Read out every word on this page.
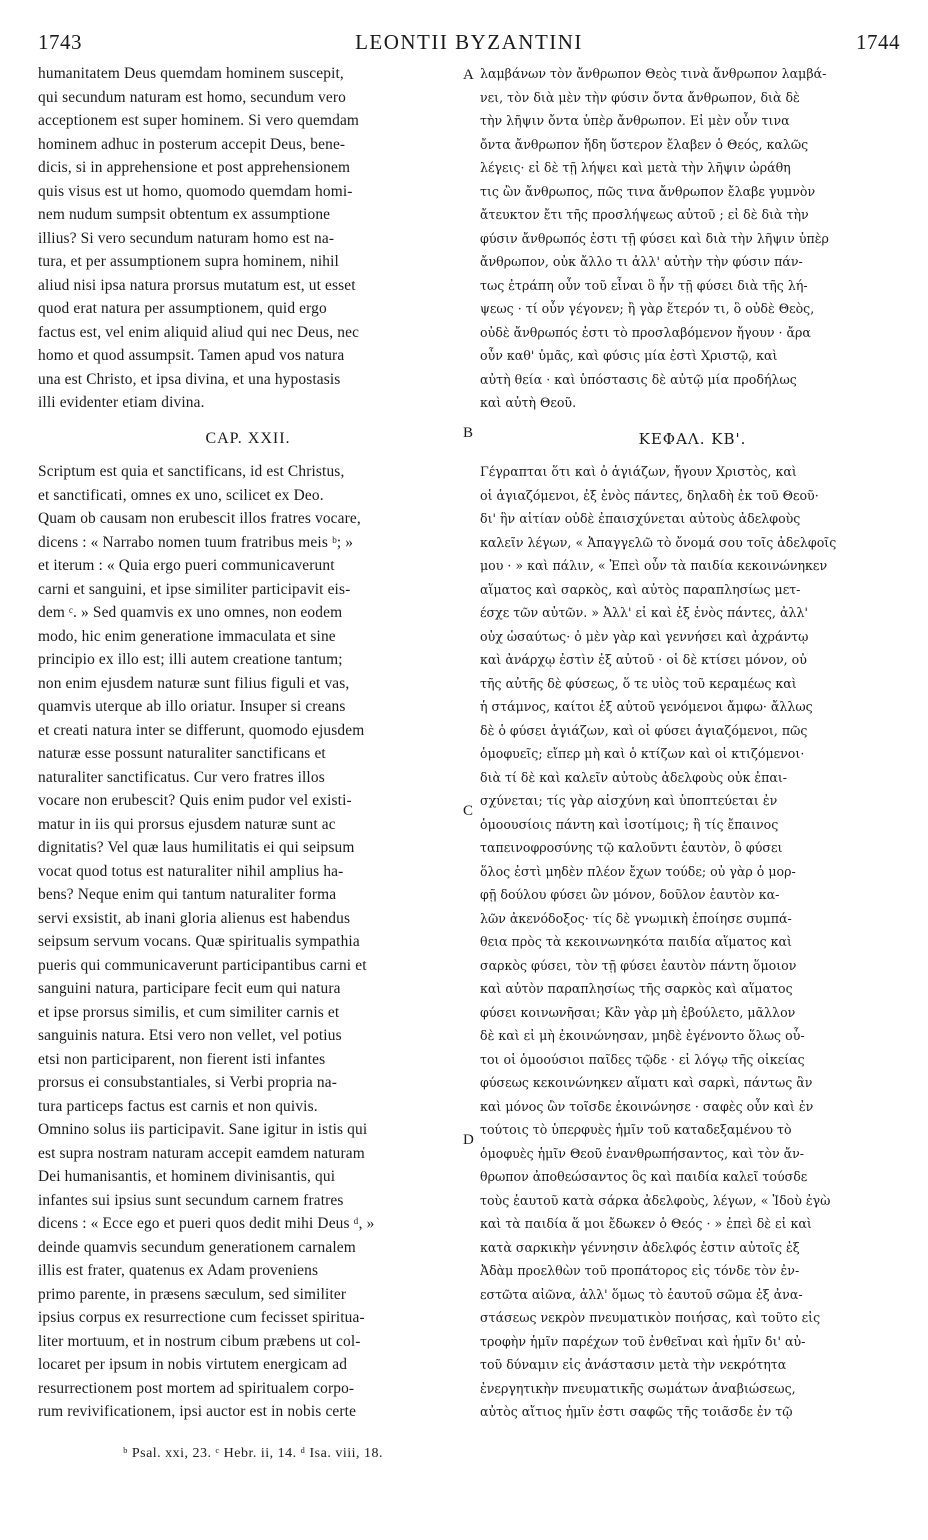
1743	LEONTII BYZANTINI	1744
A
B
C
D
humanitatem Deus quemdam hominem suscepit,
qui secundum naturam est homo, secundum vero
acceptionem est super hominem. Si vero quemdam
hominem adhuc in posterum accepit Deus, bene-
dicis, si in apprehensione et post apprehensionem
quis visus est ut homo, quomodo quemdam homi-
nem nudum sumpsit obtentum ex assumptione
illius? Si vero secundum naturam homo est na-
tura, et per assumptionem supra hominem, nihil
aliud nisi ipsa natura prorsus mutatum est, ut esset
quod erat natura per assumptionem, quid ergo
factus est, vel enim aliquid aliud qui nec Deus, nec
homo et quod assumpsit. Tamen apud vos natura
una est Christo, et ipsa divina, et una hypostasis
illi evidenter etiam divina.
λαμβάνων τὸν ἄνθρωπον Θεὸς τινὰ ἄνθρωπον λαμβά-
νει, τὸν διὰ μὲν τὴν φύσιν ὄντα ἄνθρωπον, διὰ δὲ
τὴν λῆψιν ὄντα ὑπὲρ ἄνθρωπον. Εἰ μὲν οὖν τινα
ὄντα ἄνθρωπον ἤδη ὕστερον ἔλαβεν ὁ Θεός, καλῶς
λέγεις· εἰ δὲ τῇ λήψει καὶ μετὰ τὴν λῆψιν ὠράθη
τις ὢν ἄνθρωπος, πῶς τινα ἄνθρωπον ἔλαβε γυμνὸν
ἄτευκτον ἔτι τῆς προσλήψεως αὐτοῦ ; εἰ δὲ διὰ τὴν
φύσιν ἄνθρωπός ἐστι τῇ φύσει καὶ διὰ τὴν λῆψιν ὑπὲρ
ἄνθρωπον, οὐκ ἄλλο τι ἀλλ' αὐτὴν τὴν φύσιν πάν-
τως ἐτράπη οὖν τοῦ εἶναι ὃ ἦν τῇ φύσει διὰ τῆς λή-
ψεως · τί οὖν γέγονεν; ἢ γὰρ ἕτερόν τι, ὃ οὐδὲ Θεὸς,
οὐδὲ ἄνθρωπός ἐστι τὸ προσλαβόμενον ἤγουν · ἄρα
οὖν καθ' ὑμᾶς, καὶ φύσις μία ἐστὶ Χριστῷ, καὶ
αὐτὴ θεία · καὶ ὑπόστασις δὲ αὐτῷ μία προδήλως
καὶ αὐτὴ Θεοῦ.
CAP. XXII.	ΚΕΦΑΛ. ΚΒ'.
Scriptum est quia et sanctificans, id est Christus,
et sanctificati, omnes ex uno, scilicet ex Deo.
Quam ob causam non erubescit illos fratres vocare,
dicens : « Narrabo nomen tuum fratribus meis ᵇ; »
et iterum : « Quia ergo pueri communicaverunt
carni et sanguini, et ipse similiter participavit eis-
dem ᶜ. » Sed quamvis ex uno omnes, non eodem
modo, hic enim generatione immaculata et sine
principio ex illo est; illi autem creatione tantum;
non enim ejusdem naturæ sunt filius figuli et vas,
quamvis uterque ab illo oriatur. Insuper si creans
et creati natura inter se differunt, quomodo ejusdem
naturæ esse possunt naturaliter sanctificans et
naturaliter sanctificatus. Cur vero fratres illos
vocare non erubescit? Quis enim pudor vel existi-
matur in iis qui prorsus ejusdem naturæ sunt ac
dignitatis? Vel quæ laus humilitatis ei qui seipsum
vocat quod totus est naturaliter nihil amplius ha-
bens? Neque enim qui tantum naturaliter forma
servi exsistit, ab inani gloria alienus est habendus
seipsum servum vocans. Quæ spiritualis sympathia
pueris qui communicaverunt participantibus carni et
sanguini natura, participare fecit eum qui natura
et ipse prorsus similis, et cum similiter carnis et
sanguinis natura. Etsi vero non vellet, vel potius
etsi non participarent, non fierent isti infantes
prorsus ei consubstantiales, si Verbi propria na-
tura particeps factus est carnis et non quivis.
Omnino solus iis participavit. Sane igitur in istis qui
est supra nostram naturam accepit eamdem naturam
Dei humanisantis, et hominem divinisantis, qui
infantes sui ipsius sunt secundum carnem fratres
dicens : « Ecce ego et pueri quos dedit mihi Deus ᵈ, »
deinde quamvis secundum generationem carnalem
illis est frater, quatenus ex Adam proveniens
primo parente, in præsens sæculum, sed similiter
ipsius corpus ex resurrectione cum fecisset spiritua-
liter mortuum, et in nostrum cibum præbens ut col-
locaret per ipsum in nobis virtutem energicam ad
resurrectionem post mortem ad spiritualem corpo-
rum revivificationem, ipsi auctor est in nobis certe
Γέγραπται ὅτι καὶ ὁ ἁγιάζων, ἤγουν Χριστὸς, καὶ
οἱ ἁγιαζόμενοι, ἐξ ἑνὸς πάντες, δηλαδὴ ἐκ τοῦ Θεοῦ·
δι' ἣν αἰτίαν οὐδὲ ἐπαισχύνεται αὐτοὺς ἀδελφοὺς
καλεῖν λέγων, « Ἀπαγγελῶ τὸ ὄνομά σου τοῖς ἀδελφοῖς
μου · » καὶ πάλιν, « Ἐπεὶ οὖν τὰ παιδία κεκοινώνηκεν
αἵματος καὶ σαρκὸς, καὶ αὐτὸς παραπλησίως μετ-
έσχε τῶν αὐτῶν. » Ἀλλ' εἰ καὶ ἐξ ἑνὸς πάντες, ἀλλ'
οὐχ ὡσαύτως· ὁ μὲν γὰρ καὶ γεννήσει καὶ ἀχράντῳ
καὶ ἀνάρχῳ ἐστὶν ἐξ αὐτοῦ · οἱ δὲ κτίσει μόνον, οὐ
τῆς αὐτῆς δὲ φύσεως, ὅ τε υἱὸς τοῦ κεραμέως καὶ
ἡ στάμνος, καίτοι ἐξ αὐτοῦ γενόμενοι ἄμφω· ἄλλως
δὲ ὁ φύσει ἁγιάζων, καὶ οἱ φύσει ἁγιαζόμενοι, πῶς
ὁμοφυεῖς; εἴπερ μὴ καὶ ὁ κτίζων καὶ οἱ κτιζόμενοι·
διὰ τί δὲ καὶ καλεῖν αὐτοὺς ἀδελφοὺς οὐκ ἐπαι-
σχύνεται; τίς γὰρ αἰσχύνη καὶ ὑποπτεύεται ἐν
ὁμοουσίοις πάντη καὶ ἰσοτίμοις; ἢ τίς ἔπαινος
ταπεινοφροσύνης τῷ καλοῦντι ἑαυτὸν, ὃ φύσει
ὅλος ἐστὶ μηδὲν πλέον ἔχων τούδε; οὐ γὰρ ὁ μορ-
φῇ δούλου φύσει ὢν μόνον, δοῦλον ἑαυτὸν κα-
λῶν ἀκενόδοξος· τίς δὲ γνωμικὴ ἐποίησε συμπά-
θεια πρὸς τὰ κεκοινωνηκότα παιδία αἵματος καὶ
σαρκὸς φύσει, τὸν τῇ φύσει ἑαυτὸν πάντη ὅμοιον
καὶ αὐτὸν παραπλησίως τῆς σαρκὸς καὶ αἵματος
φύσει κοινωνῆσαι; Κἂν γὰρ μὴ ἐβούλετο, μᾶλλον
δὲ καὶ εἰ μὴ ἐκοινώνησαν, μηδὲ ἐγένοντο ὅλως οὗ-
τοι οἱ ὁμοούσιοι παῖδες τῷδε · εἰ λόγῳ τῆς οἰκείας
φύσεως κεκοινώνηκεν αἵματι καὶ σαρκὶ, πάντως ἂν
καὶ μόνος ὢν τοῖσδε ἐκοινώνησε · σαφὲς οὖν καὶ ἐν
τούτοις τὸ ὑπερφυὲς ἡμῖν τοῦ καταδεξαμένου τὸ
ὁμοφυὲς ἡμῖν Θεοῦ ἐνανθρωπήσαντος, καὶ τὸν ἄν-
θρωπον ἀποθεώσαντος ὃς καὶ παιδία καλεῖ τούσδε
τοὺς ἑαυτοῦ κατὰ σάρκα ἀδελφοὺς, λέγων, « Ἰδοὺ ἐγὼ
καὶ τὰ παιδία ἅ μοι ἔδωκεν ὁ Θεός · » ἐπεὶ δὲ εἰ καὶ
κατὰ σαρκικὴν γέννησιν ἀδελφός ἐστιν αὐτοῖς ἐξ
Ἀδὰμ προελθὼν τοῦ προπάτορος εἰς τόνδε τὸν ἐν-
εστῶτα αἰῶνα, ἀλλ' ὅμως τὸ ἑαυτοῦ σῶμα ἐξ ἀνα-
στάσεως νεκρὸν πνευματικὸν ποιήσας, καὶ τοῦτο εἰς
τροφὴν ἡμῖν παρέχων τοῦ ἐνθεῖναι καὶ ἡμῖν δι' αὐ-
τοῦ δύναμιν εἰς ἀνάστασιν μετὰ τὴν νεκρότητα
ἐνεργητικὴν πνευματικῆς σωμάτων ἀναβιώσεως,
αὐτὸς αἴτιος ἡμῖν ἐστι σαφῶς τῆς τοιᾶσδε ἐν τῷ
ᵇ Psal. xxi, 23. ᶜ Hebr. ii, 14. ᵈ Isa. viii, 18.
